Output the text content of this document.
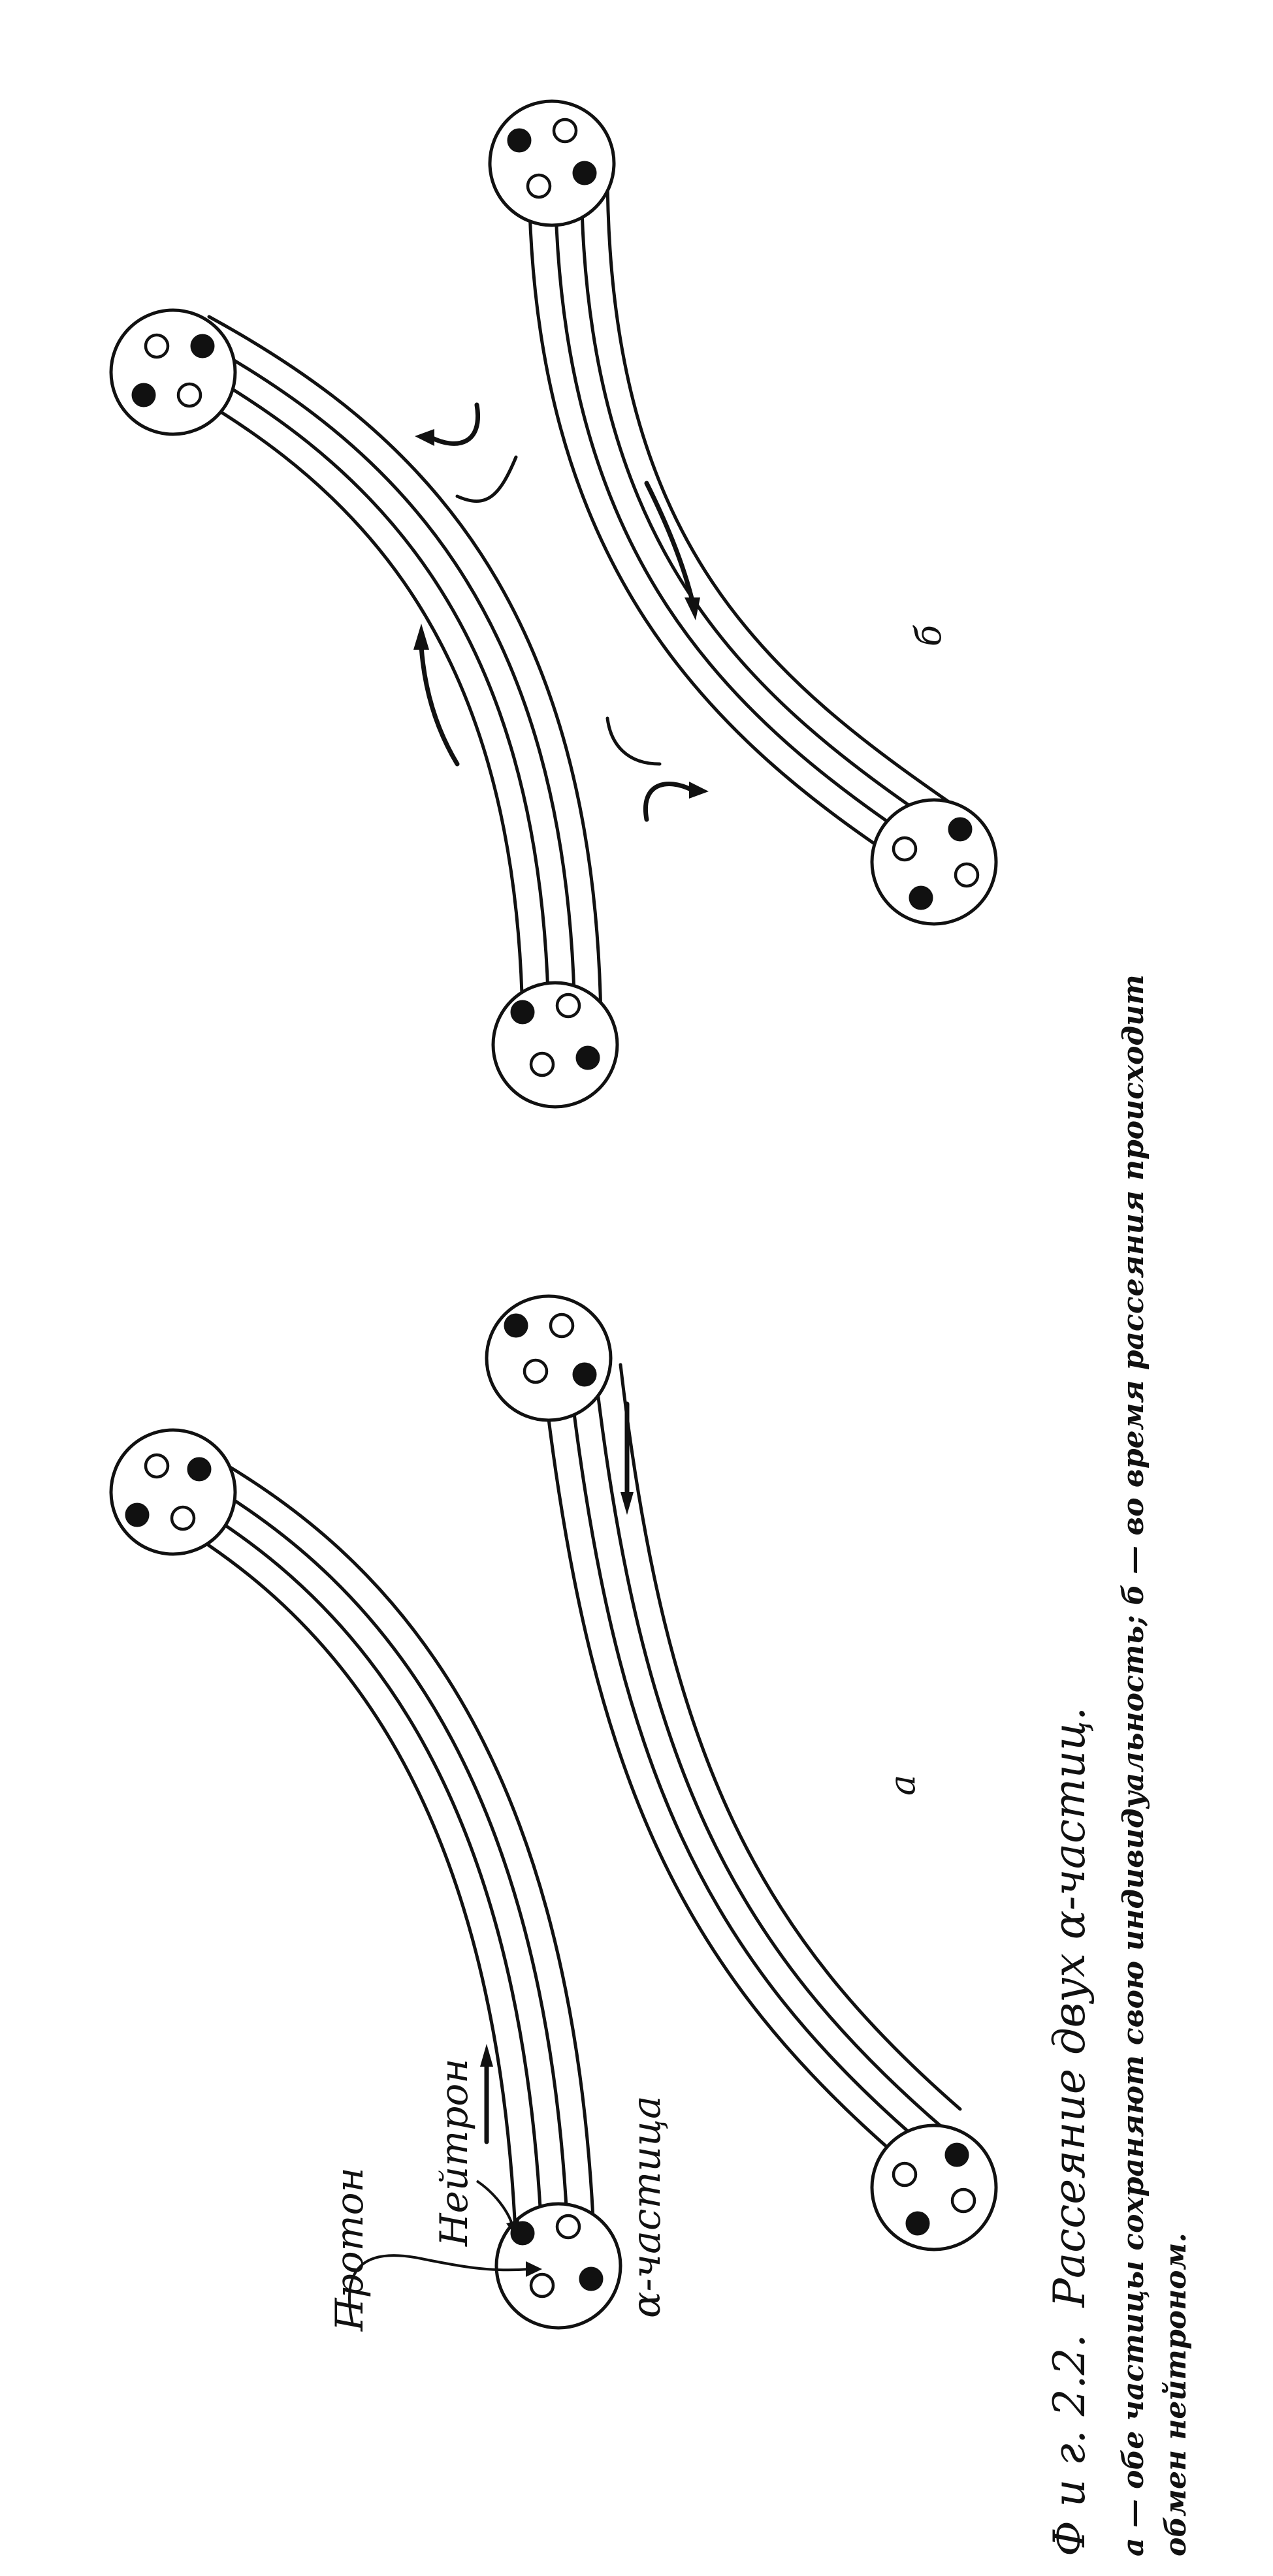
а
б
Протон
Нейтрон	α-частица
Ф и г. 2.2. Рассеяние двух α-частиц. а — обе частицы сохраняют свою индивидуальность; б — во время рассеяния происходит обмен нейтроном.
